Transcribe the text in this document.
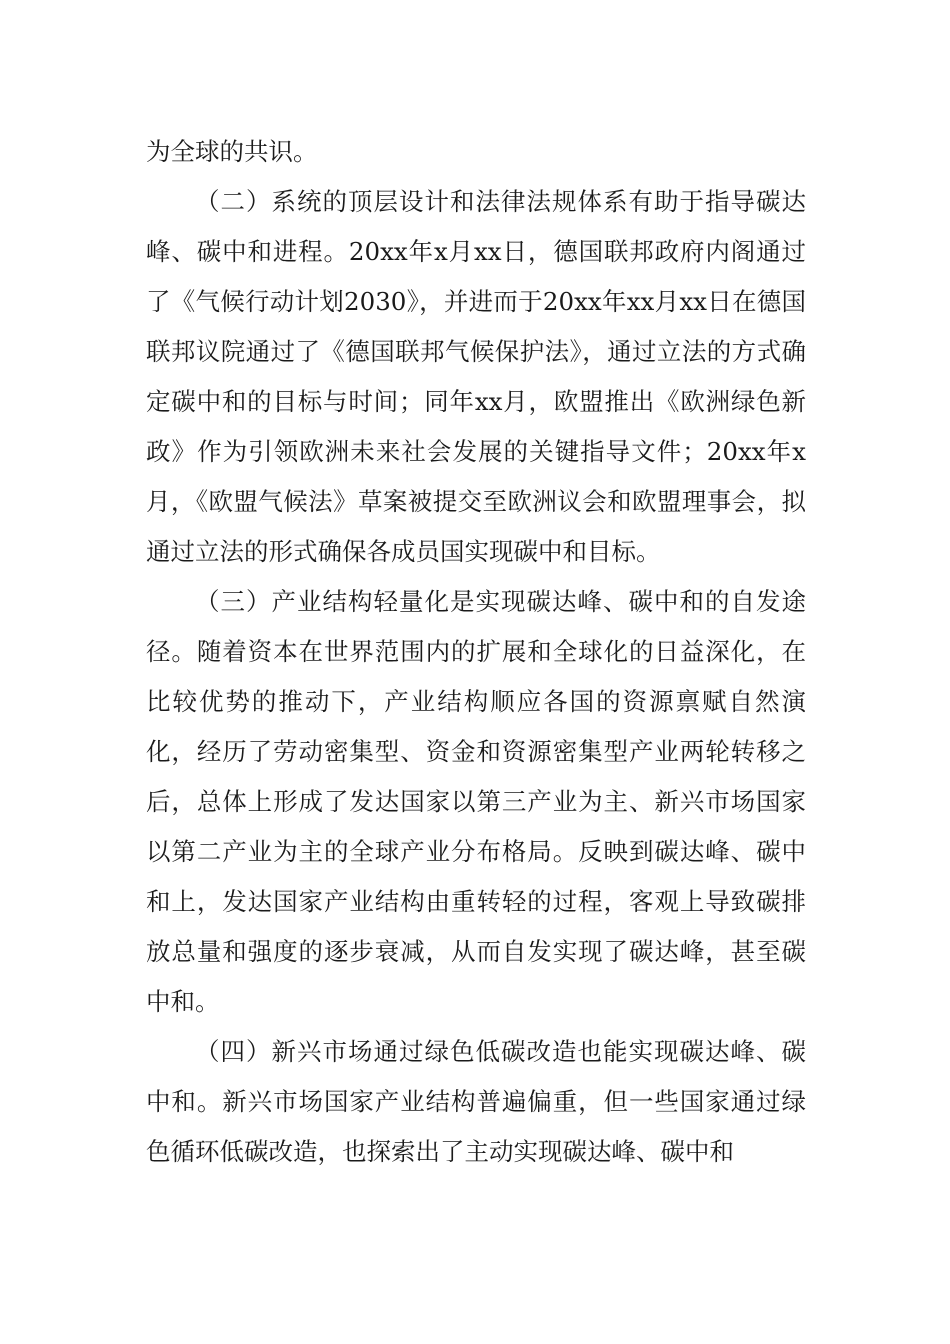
为全球的共识。

（二）系统的顶层设计和法律法规体系有助于指导碳达峰、碳中和进程。20xx年x月xx日，德国联邦政府内阁通过了《气候行动计划2030》，并进而于20xx年xx月xx日在德国联邦议院通过了《德国联邦气候保护法》，通过立法的方式确定碳中和的目标与时间；同年xx月，欧盟推出《欧洲绿色新政》作为引领欧洲未来社会发展的关键指导文件；20xx年x月，《欧盟气候法》草案被提交至欧洲议会和欧盟理事会，拟通过立法的形式确保各成员国实现碳中和目标。

（三）产业结构轻量化是实现碳达峰、碳中和的自发途径。随着资本在世界范围内的扩展和全球化的日益深化，在比较优势的推动下，产业结构顺应各国的资源禀赋自然演化，经历了劳动密集型、资金和资源密集型产业两轮转移之后，总体上形成了发达国家以第三产业为主、新兴市场国家以第二产业为主的全球产业分布格局。反映到碳达峰、碳中和上，发达国家产业结构由重转轻的过程，客观上导致碳排放总量和强度的逐步衰减，从而自发实现了碳达峰，甚至碳中和。

（四）新兴市场通过绿色低碳改造也能实现碳达峰、碳中和。新兴市场国家产业结构普遍偏重，但一些国家通过绿色循环低碳改造，也探索出了主动实现碳达峰、碳中和
